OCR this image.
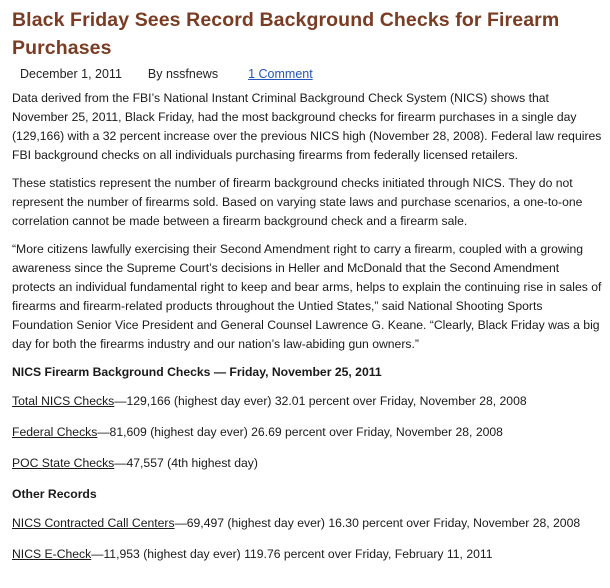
Black Friday Sees Record Background Checks for Firearm Purchases
December 1, 2011 By nssfnews 1 Comment

Data derived from the FBI’s National Instant Criminal Background Check System (NICS) shows that November 25, 2011, Black Friday, had the most background checks for firearm purchases in a single day (129,166) with a 32 percent increase over the previous NICS high (November 28, 2008). Federal law requires FBI background checks on all individuals purchasing firearms from federally licensed retailers.

These statistics represent the number of firearm background checks initiated through NICS. They do not represent the number of firearms sold. Based on varying state laws and purchase scenarios, a one-to-one correlation cannot be made between a firearm background check and a firearm sale.

“More citizens lawfully exercising their Second Amendment right to carry a firearm, coupled with a growing awareness since the Supreme Court’s decisions in Heller and McDonald that the Second Amendment protects an individual fundamental right to keep and bear arms, helps to explain the continuing rise in sales of firearms and firearm-related products throughout the Untied States,” said National Shooting Sports Foundation Senior Vice President and General Counsel Lawrence G. Keane. “Clearly, Black Friday was a big day for both the firearms industry and our nation’s law-abiding gun owners.”

NICS Firearm Background Checks — Friday, November 25, 2011

Total NICS Checks—129,166 (highest day ever) 32.01 percent over Friday, November 28, 2008

Federal Checks—81,609 (highest day ever) 26.69 percent over Friday, November 28, 2008

POC State Checks—47,557 (4th highest day)

Other Records

NICS Contracted Call Centers—69,497 (highest day ever) 16.30 percent over Friday, November 28, 2008

NICS E-Check—11,953 (highest day ever) 119.76 percent over Friday, February 11, 2011
